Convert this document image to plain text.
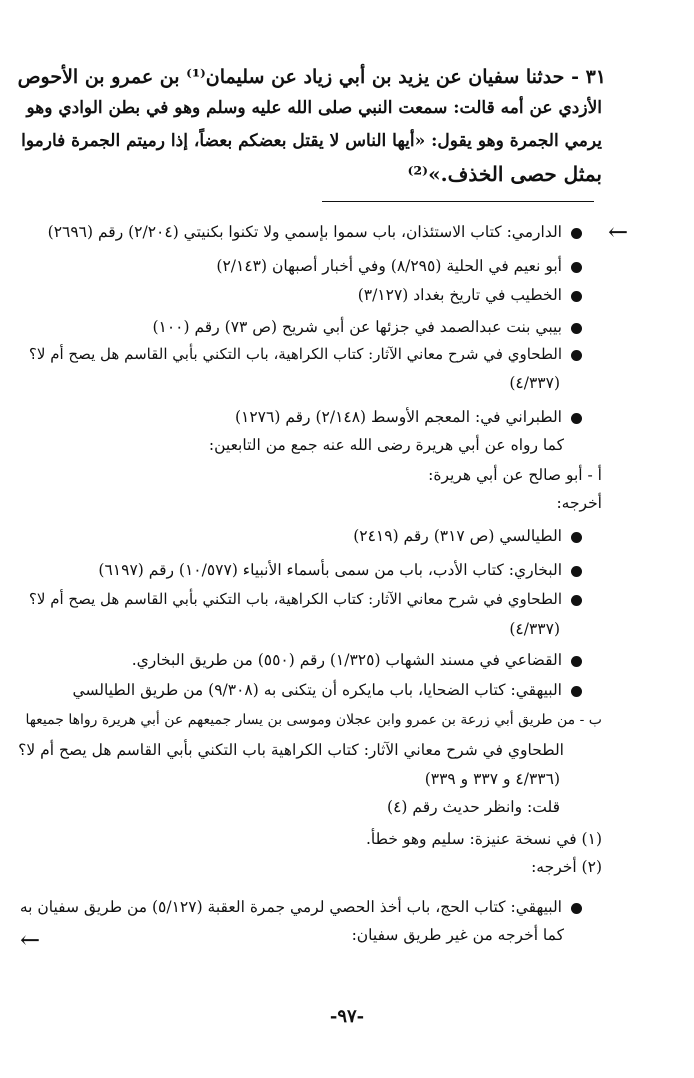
٣١ - حدثنا سفيان عن يزيد بن أبي زياد عن سليمان⁽¹⁾ بن عمرو بن الأحوص
الأزدي عن أمه قالت: سمعت النبي صلى الله عليه وسلم وهو في بطن الوادي وهو
يرمي الجمرة وهو يقول: «أيها الناس لا يقتل بعضكم بعضاً، إذا رميتم الجمرة فارموا
بمثل حصى الخذف.»⁽²⁾
الدارمي: كتاب الاستئذان، باب سموا بإسمي ولا تكنوا بكنيتي (٢/٢٠٤) رقم (٢٦٩٦)
أبو نعيم في الحلية (٨/٢٩٥) وفي أخبار أصبهان (٢/١٤٣)
الخطيب في تاريخ بغداد (٣/١٢٧)
بيبي بنت عبدالصمد في جزئها عن أبي شريح (ص ٧٣) رقم (١٠٠)
الطحاوي في شرح معاني الآثار: كتاب الكراهية، باب التكني بأبي القاسم هل يصح أم لا؟
(٤/٣٣٧)
الطبراني في: المعجم الأوسط (٢/١٤٨) رقم (١٢٧٦)
كما رواه عن أبي هريرة رضى الله عنه جمع من التابعين:
أ - أبو صالح عن أبي هريرة:
أخرجه:
الطيالسي (ص ٣١٧) رقم (٢٤١٩)
البخاري: كتاب الأدب، باب من سمى بأسماء الأنبياء (١٠/٥٧٧) رقم (٦١٩٧)
الطحاوي في شرح معاني الآثار: كتاب الكراهية، باب التكني بأبي القاسم هل يصح أم لا؟
(٤/٣٣٧)
القضاعي في مسند الشهاب (١/٣٢٥) رقم (٥٥٠) من طريق البخاري.
البيهقي: كتاب الضحايا، باب مايكره أن يتكنى به (٩/٣٠٨) من طريق الطيالسي
ب - من طريق أبي زرعة بن عمرو وابن عجلان وموسى بن يسار جميعهم عن أبي هريرة رواها جميعها
الطحاوي في شرح معاني الآثار: كتاب الكراهية باب التكني بأبي القاسم هل يصح أم لا؟
(٤/٣٣٦ و ٣٣٧ و ٣٣٩)
قلت: وانظر حديث رقم (٤)
(١) في نسخة عنيزة: سليم وهو خطأ.
(٢) أخرجه:
البيهقي: كتاب الحج، باب أخذ الحصي لرمي جمرة العقبة (٥/١٢٧) من طريق سفيان به
كما أخرجه من غير طريق سفيان:
←
←
-٩٧-
